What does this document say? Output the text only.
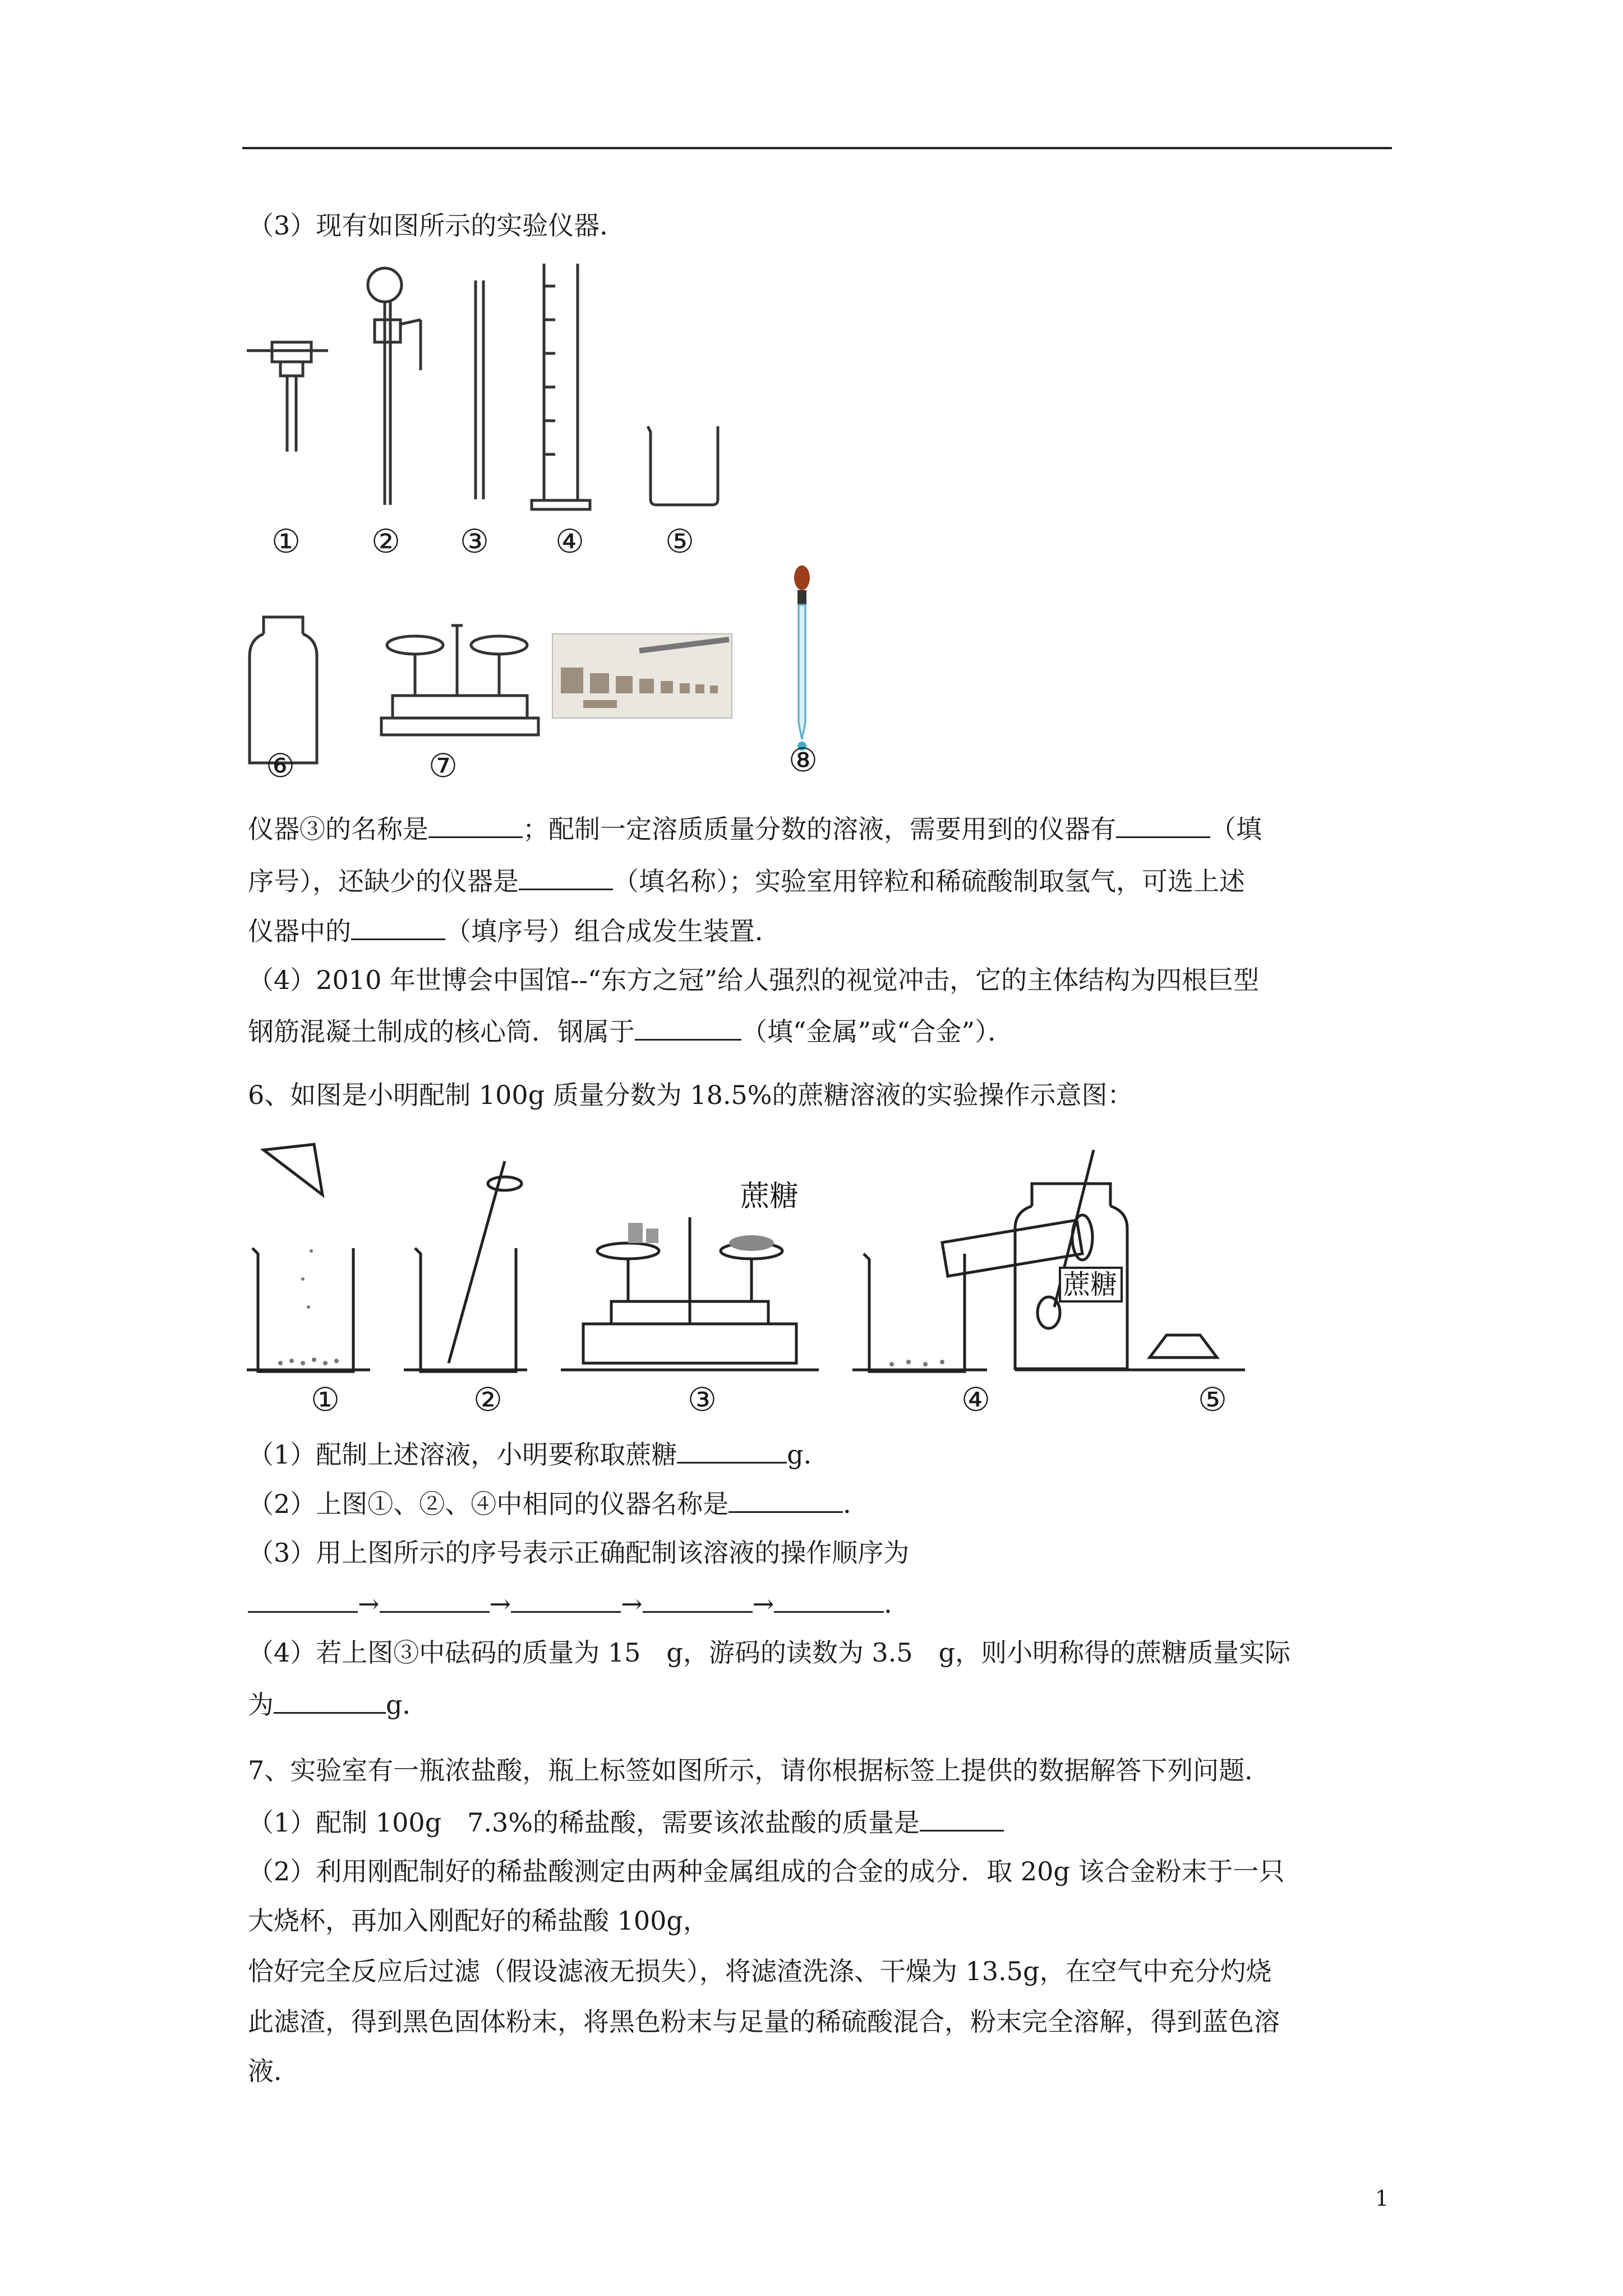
（3）现有如图所示的实验仪器．
① ② ③ ④ ⑤
⑥	⑦	⑧
仪器③的名称是	；配制一定溶质质量分数的溶液，需要用到的仪器有	（填
序号），还缺少的仪器是	（填名称）；实验室用锌粒和稀硫酸制取氢气，可选上述
仪器中的	（填序号）组合成发生装置．
（4）2010 年世博会中国馆--“东方之冠”给人强烈的视觉冲击，它的主体结构为四根巨型
钢筋混凝土制成的核心筒．钢属于	（填“金属”或“合金”）．
6、如图是小明配制 100g 质量分数为 18.5%的蔗糖溶液的实验操作示意图：
蔗糖
蔗糖
①	②	③	④	⑤
（1）配制上述溶液，小明要称取蔗糖	g．
（2）上图①、②、④中相同的仪器名称是	．
（3）用上图所示的序号表示正确配制该溶液的操作顺序为
→	→	→	→	．
（4）若上图③中砝码的质量为 15　g，游码的读数为 3.5　g，则小明称得的蔗糖质量实际
为	g．
7、实验室有一瓶浓盐酸，瓶上标签如图所示，请你根据标签上提供的数据解答下列问题．
（1）配制 100g　7.3%的稀盐酸，需要该浓盐酸的质量是
（2）利用刚配制好的稀盐酸测定由两种金属组成的合金的成分．取 20g 该合金粉末于一只
大烧杯，再加入刚配好的稀盐酸 100g，
恰好完全反应后过滤（假设滤液无损失），将滤渣洗涤、干燥为 13.5g，在空气中充分灼烧
此滤渣，得到黑色固体粉末，将黑色粉末与足量的稀硫酸混合，粉末完全溶解，得到蓝色溶
液．
1
